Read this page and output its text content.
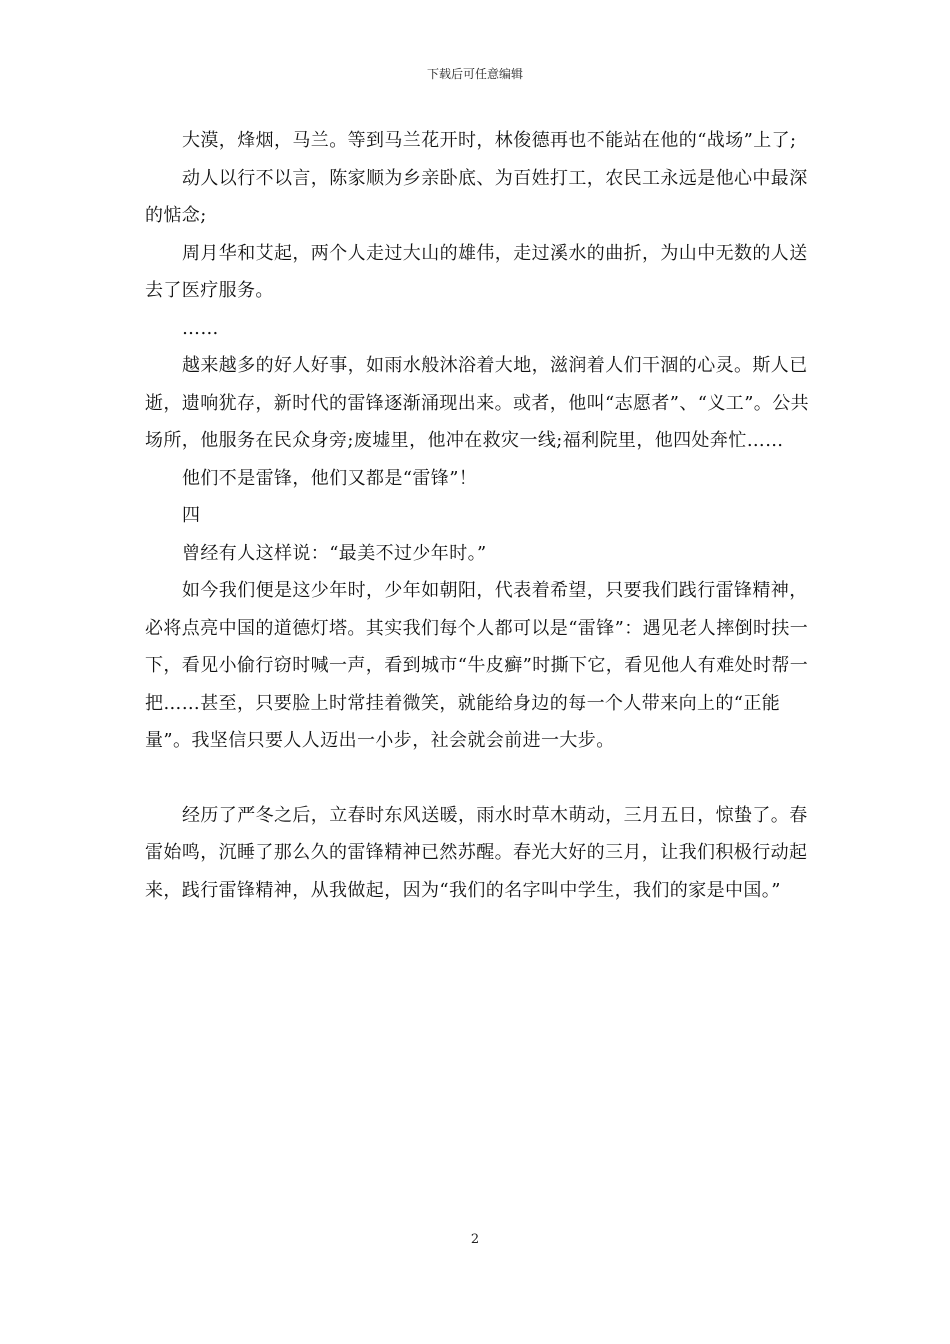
下载后可任意编辑

大漠，烽烟，马兰。等到马兰花开时，林俊德再也不能站在他的“战场”上了;

动人以行不以言，陈家顺为乡亲卧底、为百姓打工，农民工永远是他心中最深的惦念;

周月华和艾起，两个人走过大山的雄伟，走过溪水的曲折，为山中无数的人送去了医疗服务。

……

越来越多的好人好事，如雨水般沐浴着大地，滋润着人们干涸的心灵。斯人已逝，遗响犹存，新时代的雷锋逐渐涌现出来。或者，他叫“志愿者”、“义工”。公共场所，他服务在民众身旁;废墟里，他冲在救灾一线;福利院里，他四处奔忙……

他们不是雷锋，他们又都是“雷锋”！

四

曾经有人这样说：“最美不过少年时。”

如今我们便是这少年时，少年如朝阳，代表着希望，只要我们践行雷锋精神，必将点亮中国的道德灯塔。其实我们每个人都可以是“雷锋”：遇见老人摔倒时扶一下，看见小偷行窃时喊一声，看到城市“牛皮癣”时撕下它，看见他人有难处时帮一把……甚至，只要脸上时常挂着微笑，就能给身边的每一个人带来向上的“正能量”。我坚信只要人人迈出一小步，社会就会前进一大步。

经历了严冬之后，立春时东风送暖，雨水时草木萌动，三月五日，惊蛰了。春雷始鸣，沉睡了那么久的雷锋精神已然苏醒。春光大好的三月，让我们积极行动起来，践行雷锋精神，从我做起，因为“我们的名字叫中学生，我们的家是中国。”

2
